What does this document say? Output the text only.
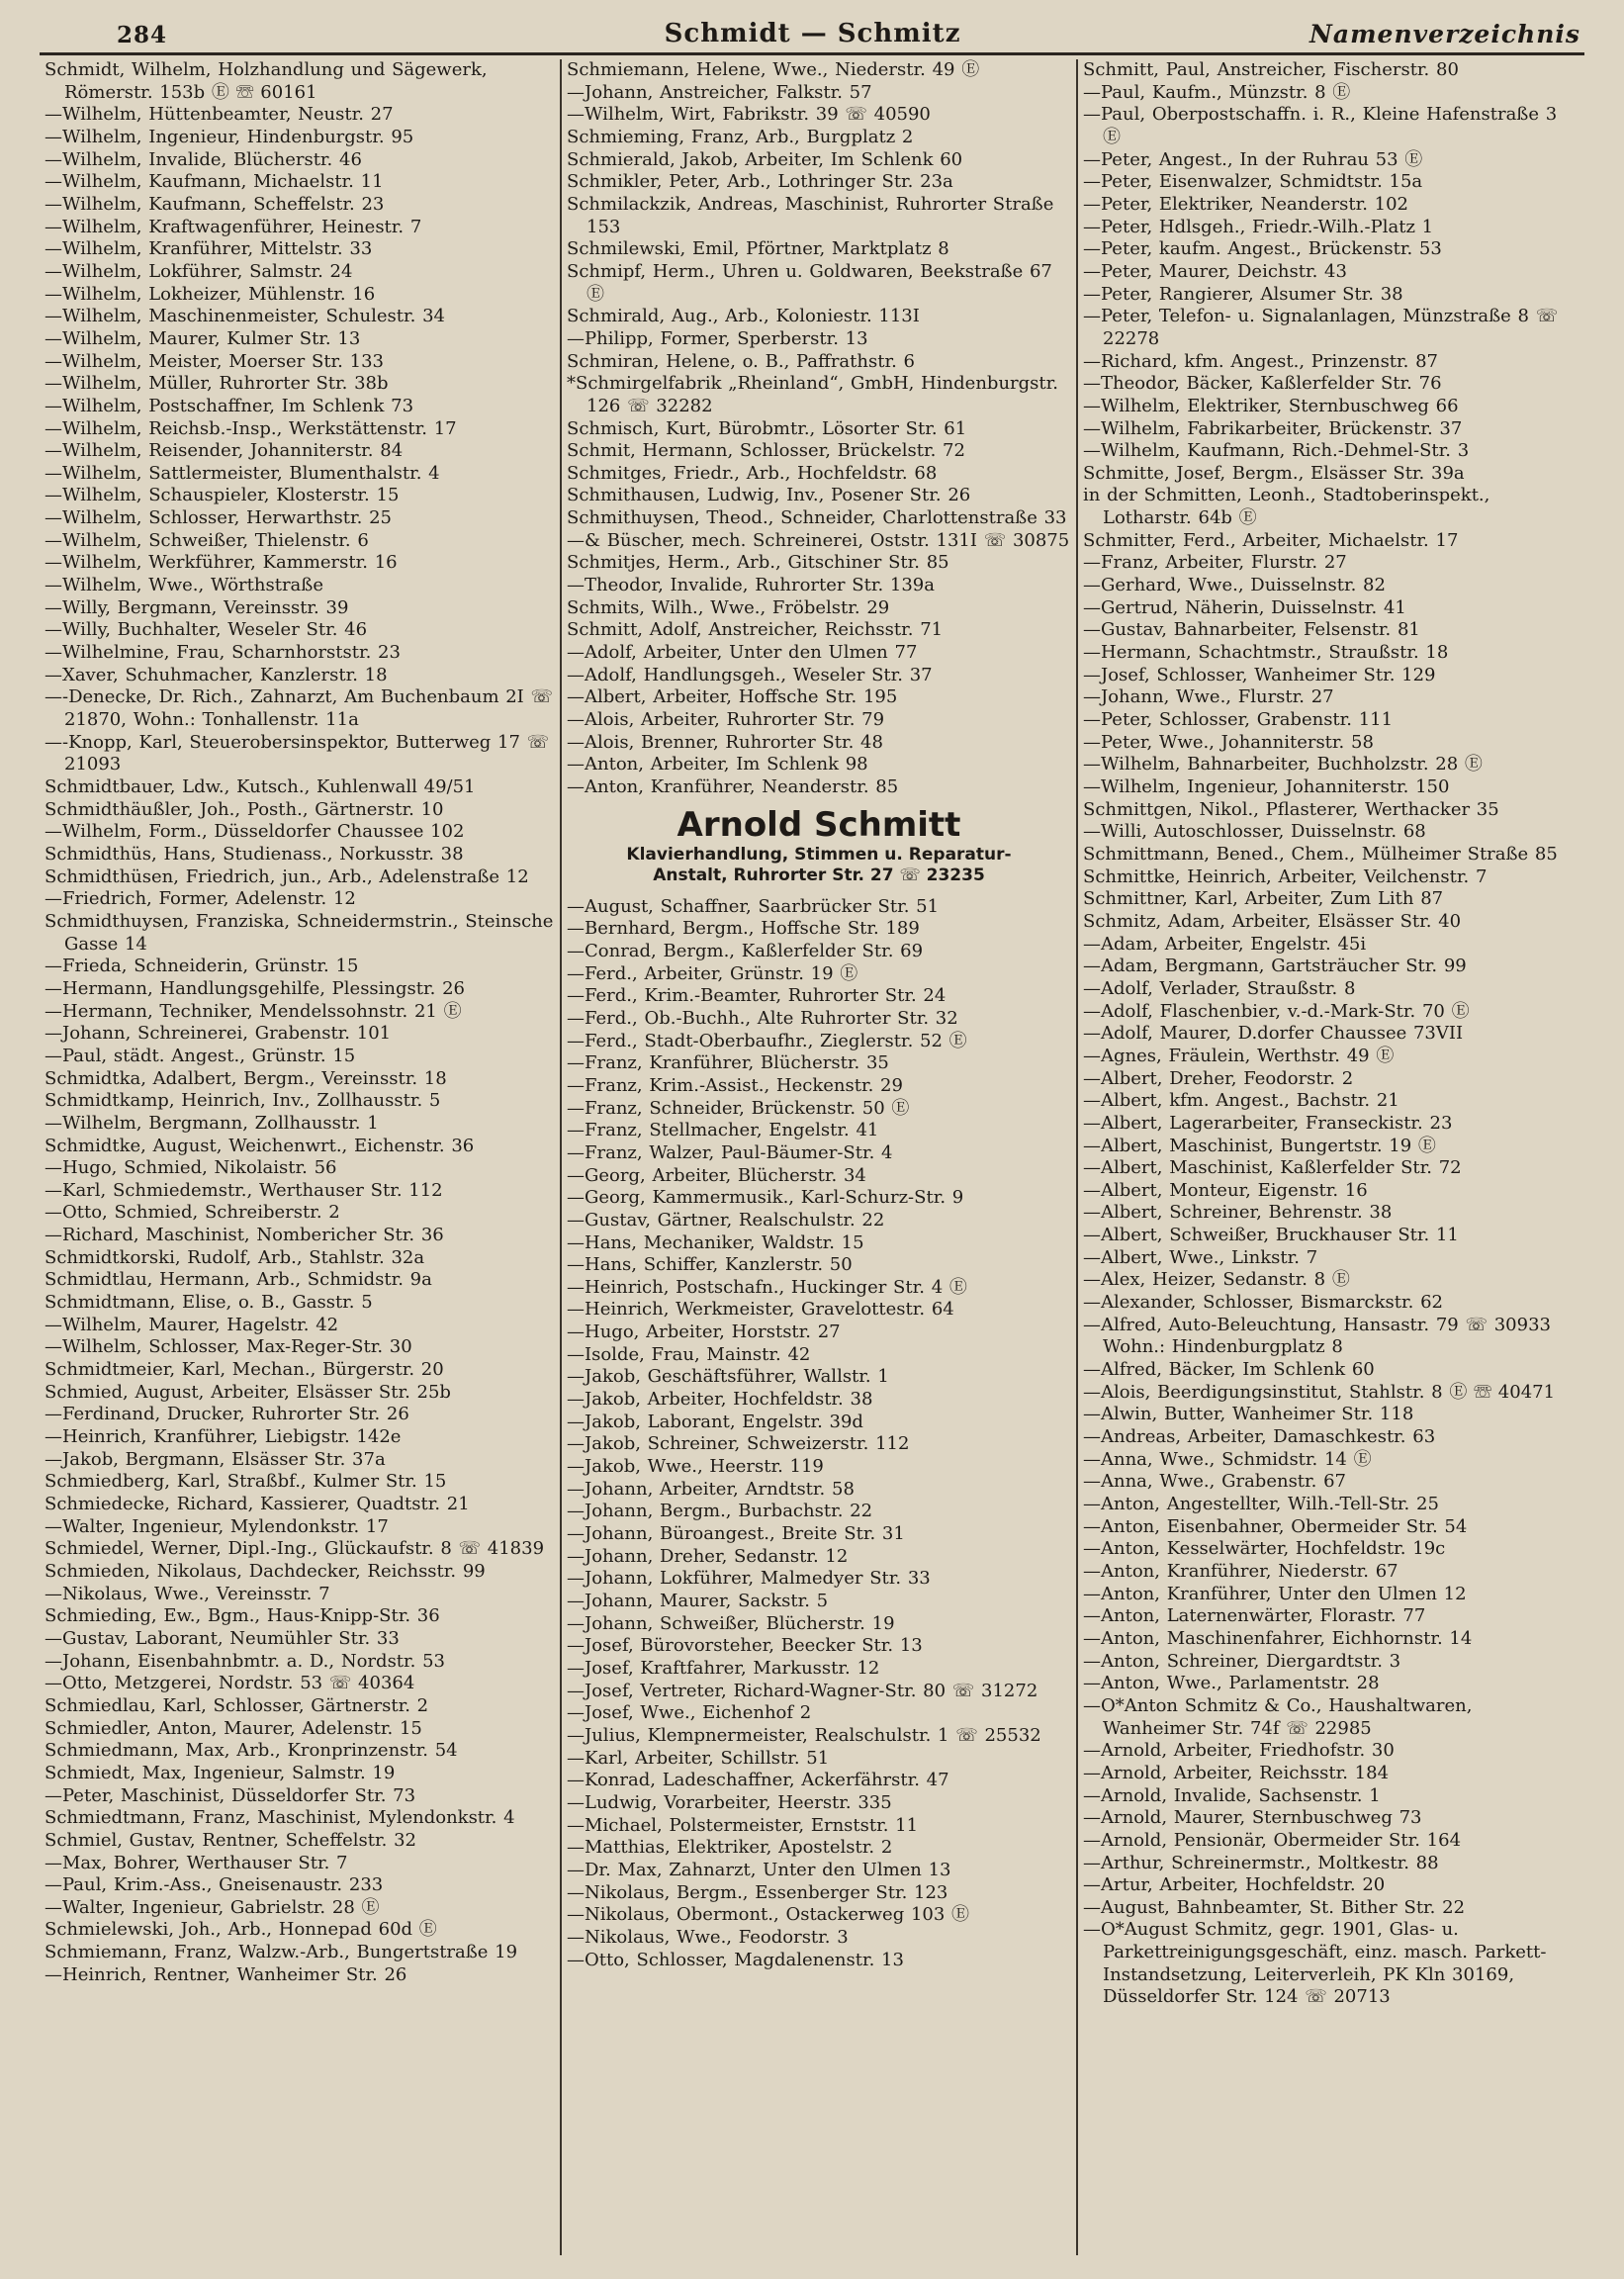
284	Schmidt — Schmitz	Namenverzeichnis
Schmidt, Wilhelm, Holzhandlung und Sägewerk, Römerstr. 153b Ⓔ ☏ 60161
—Wilhelm, Hüttenbeamter, Neustr. 27
—Wilhelm, Ingenieur, Hindenburgstr. 95
—Wilhelm, Invalide, Blücherstr. 46
—Wilhelm, Kaufmann, Michaelstr. 11
—Wilhelm, Kaufmann, Scheffelstr. 23
—Wilhelm, Kraftwagenführer, Heinestr. 7
—Wilhelm, Kranführer, Mittelstr. 33
—Wilhelm, Lokführer, Salmstr. 24
—Wilhelm, Lokheizer, Mühlenstr. 16
—Wilhelm, Maschinenmeister, Schulestr. 34
—Wilhelm, Maurer, Kulmer Str. 13
—Wilhelm, Meister, Moerser Str. 133
—Wilhelm, Müller, Ruhrorter Str. 38b
—Wilhelm, Postschaffner, Im Schlenk 73
—Wilhelm, Reichsb.-Insp., Werkstättenstr. 17
—Wilhelm, Reisender, Johanniterstr. 84
—Wilhelm, Sattlermeister, Blumenthalstr. 4
—Wilhelm, Schauspieler, Klosterstr. 15
—Wilhelm, Schlosser, Herwarthstr. 25
—Wilhelm, Schweißer, Thielenstr. 6
—Wilhelm, Werkführer, Kammerstr. 16
—Wilhelm, Wwe., Wörthstraße
—Willy, Bergmann, Vereinsstr. 39
—Willy, Buchhalter, Weseler Str. 46
—Wilhelmine, Frau, Scharnhorststr. 23
—Xaver, Schuhmacher, Kanzlerstr. 18
—-Denecke, Dr. Rich., Zahnarzt, Am Buchenbaum 2I ☏ 21870, Wohn.: Tonhallenstr. 11a
—-Knopp, Karl, Steuerobersinspektor, Butterweg 17 ☏ 21093
Schmidtbauer, Ldw., Kutsch., Kuhlenwall 49/51
Schmidthäußler, Joh., Posth., Gärtnerstr. 10
—Wilhelm, Form., Düsseldorfer Chaussee 102
Schmidthüs, Hans, Studienass., Norkusstr. 38
Schmidthüsen, Friedrich, jun., Arb., Adelenstraße 12
—Friedrich, Former, Adelenstr. 12
Schmidthuysen, Franziska, Schneidermstrin., Steinsche Gasse 14
—Frieda, Schneiderin, Grünstr. 15
—Hermann, Handlungsgehilfe, Plessingstr. 26
—Hermann, Techniker, Mendelssohnstr. 21 Ⓔ
—Johann, Schreinerei, Grabenstr. 101
—Paul, städt. Angest., Grünstr. 15
Schmidtka, Adalbert, Bergm., Vereinsstr. 18
Schmidtkamp, Heinrich, Inv., Zollhausstr. 5
—Wilhelm, Bergmann, Zollhausstr. 1
Schmidtke, August, Weichenwrt., Eichenstr. 36
—Hugo, Schmied, Nikolaistr. 56
—Karl, Schmiedemstr., Werthauser Str. 112
—Otto, Schmied, Schreiberstr. 2
—Richard, Maschinist, Nombericher Str. 36
Schmidtkorski, Rudolf, Arb., Stahlstr. 32a
Schmidtlau, Hermann, Arb., Schmidstr. 9a
Schmidtmann, Elise, o. B., Gasstr. 5
—Wilhelm, Maurer, Hagelstr. 42
—Wilhelm, Schlosser, Max-Reger-Str. 30
Schmidtmeier, Karl, Mechan., Bürgerstr. 20
Schmied, August, Arbeiter, Elsässer Str. 25b
—Ferdinand, Drucker, Ruhrorter Str. 26
—Heinrich, Kranführer, Liebigstr. 142e
—Jakob, Bergmann, Elsässer Str. 37a
Schmiedberg, Karl, Straßbf., Kulmer Str. 15
Schmiedecke, Richard, Kassierer, Quadtstr. 21
—Walter, Ingenieur, Mylendonkstr. 17
Schmiedel, Werner, Dipl.-Ing., Glückaufstr. 8 ☏ 41839
Schmieden, Nikolaus, Dachdecker, Reichsstr. 99
—Nikolaus, Wwe., Vereinsstr. 7
Schmieding, Ew., Bgm., Haus-Knipp-Str. 36
—Gustav, Laborant, Neumühler Str. 33
—Johann, Eisenbahnbmtr. a. D., Nordstr. 53
—Otto, Metzgerei, Nordstr. 53 ☏ 40364
Schmiedlau, Karl, Schlosser, Gärtnerstr. 2
Schmiedler, Anton, Maurer, Adelenstr. 15
Schmiedmann, Max, Arb., Kronprinzenstr. 54
Schmiedt, Max, Ingenieur, Salmstr. 19
—Peter, Maschinist, Düsseldorfer Str. 73
Schmiedtmann, Franz, Maschinist, Mylendonkstr. 4
Schmiel, Gustav, Rentner, Scheffelstr. 32
—Max, Bohrer, Werthauser Str. 7
—Paul, Krim.-Ass., Gneisenaustr. 233
—Walter, Ingenieur, Gabrielstr. 28 Ⓔ
Schmielewski, Joh., Arb., Honnepad 60d Ⓔ
Schmiemann, Franz, Walzw.-Arb., Bungertstraße 19
—Heinrich, Rentner, Wanheimer Str. 26
Schmiemann, Helene, Wwe., Niederstr. 49 Ⓔ
—Johann, Anstreicher, Falkstr. 57
—Wilhelm, Wirt, Fabrikstr. 39 ☏ 40590
Schmieming, Franz, Arb., Burgplatz 2
Schmierald, Jakob, Arbeiter, Im Schlenk 60
Schmikler, Peter, Arb., Lothringer Str. 23a
Schmilackzik, Andreas, Maschinist, Ruhrorter Straße 153
Schmilewski, Emil, Pförtner, Marktplatz 8
Schmipf, Herm., Uhren u. Goldwaren, Beekstraße 67 Ⓔ
Schmirald, Aug., Arb., Koloniestr. 113I
—Philipp, Former, Sperberstr. 13
Schmiran, Helene, o. B., Paffrathstr. 6
*Schmirgelfabrik „Rheinland“, GmbH, Hindenburgstr. 126 ☏ 32282
Schmisch, Kurt, Bürobmtr., Lösorter Str. 61
Schmit, Hermann, Schlosser, Brückelstr. 72
Schmitges, Friedr., Arb., Hochfeldstr. 68
Schmithausen, Ludwig, Inv., Posener Str. 26
Schmithuysen, Theod., Schneider, Charlottenstraße 33
—& Büscher, mech. Schreinerei, Oststr. 131I ☏ 30875
Schmitjes, Herm., Arb., Gitschiner Str. 85
—Theodor, Invalide, Ruhrorter Str. 139a
Schmits, Wilh., Wwe., Fröbelstr. 29
Schmitt, Adolf, Anstreicher, Reichsstr. 71
—Adolf, Arbeiter, Unter den Ulmen 77
—Adolf, Handlungsgeh., Weseler Str. 37
—Albert, Arbeiter, Hoffsche Str. 195
—Alois, Arbeiter, Ruhrorter Str. 79
—Alois, Brenner, Ruhrorter Str. 48
—Anton, Arbeiter, Im Schlenk 98
—Anton, Kranführer, Neanderstr. 85
Arnold Schmitt
Klavierhandlung, Stimmen u. Reparatur-
Anstalt, Ruhrorter Str. 27 ☏ 23235
—August, Schaffner, Saarbrücker Str. 51
—Bernhard, Bergm., Hoffsche Str. 189
—Conrad, Bergm., Kaßlerfelder Str. 69
—Ferd., Arbeiter, Grünstr. 19 Ⓔ
—Ferd., Krim.-Beamter, Ruhrorter Str. 24
—Ferd., Ob.-Buchh., Alte Ruhrorter Str. 32
—Ferd., Stadt-Oberbaufhr., Zieglerstr. 52 Ⓔ
—Franz, Kranführer, Blücherstr. 35
—Franz, Krim.-Assist., Heckenstr. 29
—Franz, Schneider, Brückenstr. 50 Ⓔ
—Franz, Stellmacher, Engelstr. 41
—Franz, Walzer, Paul-Bäumer-Str. 4
—Georg, Arbeiter, Blücherstr. 34
—Georg, Kammermusik., Karl-Schurz-Str. 9
—Gustav, Gärtner, Realschulstr. 22
—Hans, Mechaniker, Waldstr. 15
—Hans, Schiffer, Kanzlerstr. 50
—Heinrich, Postschafn., Huckinger Str. 4 Ⓔ
—Heinrich, Werkmeister, Gravelottestr. 64
—Hugo, Arbeiter, Horststr. 27
—Isolde, Frau, Mainstr. 42
—Jakob, Geschäftsführer, Wallstr. 1
—Jakob, Arbeiter, Hochfeldstr. 38
—Jakob, Laborant, Engelstr. 39d
—Jakob, Schreiner, Schweizerstr. 112
—Jakob, Wwe., Heerstr. 119
—Johann, Arbeiter, Arndtstr. 58
—Johann, Bergm., Burbachstr. 22
—Johann, Büroangest., Breite Str. 31
—Johann, Dreher, Sedanstr. 12
—Johann, Lokführer, Malmedyer Str. 33
—Johann, Maurer, Sackstr. 5
—Johann, Schweißer, Blücherstr. 19
—Josef, Bürovorsteher, Beecker Str. 13
—Josef, Kraftfahrer, Markusstr. 12
—Josef, Vertreter, Richard-Wagner-Str. 80 ☏ 31272
—Josef, Wwe., Eichenhof 2
—Julius, Klempnermeister, Realschulstr. 1 ☏ 25532
—Karl, Arbeiter, Schillstr. 51
—Konrad, Ladeschaffner, Ackerfährstr. 47
—Ludwig, Vorarbeiter, Heerstr. 335
—Michael, Polstermeister, Ernststr. 11
—Matthias, Elektriker, Apostelstr. 2
—Dr. Max, Zahnarzt, Unter den Ulmen 13
—Nikolaus, Bergm., Essenberger Str. 123
—Nikolaus, Obermont., Ostackerweg 103 Ⓔ
—Nikolaus, Wwe., Feodorstr. 3
—Otto, Schlosser, Magdalenenstr. 13
Schmitt, Paul, Anstreicher, Fischerstr. 80
—Paul, Kaufm., Münzstr. 8 Ⓔ
—Paul, Oberpostschaffn. i. R., Kleine Hafenstraße 3 Ⓔ
—Peter, Angest., In der Ruhrau 53 Ⓔ
—Peter, Eisenwalzer, Schmidtstr. 15a
—Peter, Elektriker, Neanderstr. 102
—Peter, Hdlsgeh., Friedr.-Wilh.-Platz 1
—Peter, kaufm. Angest., Brückenstr. 53
—Peter, Maurer, Deichstr. 43
—Peter, Rangierer, Alsumer Str. 38
—Peter, Telefon- u. Signalanlagen, Münzstraße 8 ☏ 22278
—Richard, kfm. Angest., Prinzenstr. 87
—Theodor, Bäcker, Kaßlerfelder Str. 76
—Wilhelm, Elektriker, Sternbuschweg 66
—Wilhelm, Fabrikarbeiter, Brückenstr. 37
—Wilhelm, Kaufmann, Rich.-Dehmel-Str. 3
Schmitte, Josef, Bergm., Elsässer Str. 39a
in der Schmitten, Leonh., Stadtoberinspekt., Lotharstr. 64b Ⓔ
Schmitter, Ferd., Arbeiter, Michaelstr. 17
—Franz, Arbeiter, Flurstr. 27
—Gerhard, Wwe., Duisselnstr. 82
—Gertrud, Näherin, Duisselnstr. 41
—Gustav, Bahnarbeiter, Felsenstr. 81
—Hermann, Schachtmstr., Straußstr. 18
—Josef, Schlosser, Wanheimer Str. 129
—Johann, Wwe., Flurstr. 27
—Peter, Schlosser, Grabenstr. 111
—Peter, Wwe., Johanniterstr. 58
—Wilhelm, Bahnarbeiter, Buchholzstr. 28 Ⓔ
—Wilhelm, Ingenieur, Johanniterstr. 150
Schmittgen, Nikol., Pflasterer, Werthacker 35
—Willi, Autoschlosser, Duisselnstr. 68
Schmittmann, Bened., Chem., Mülheimer Straße 85
Schmittke, Heinrich, Arbeiter, Veilchenstr. 7
Schmittner, Karl, Arbeiter, Zum Lith 87
Schmitz, Adam, Arbeiter, Elsässer Str. 40
—Adam, Arbeiter, Engelstr. 45i
—Adam, Bergmann, Gartsträucher Str. 99
—Adolf, Verlader, Straußstr. 8
—Adolf, Flaschenbier, v.-d.-Mark-Str. 70 Ⓔ
—Adolf, Maurer, D.dorfer Chaussee 73VII
—Agnes, Fräulein, Werthstr. 49 Ⓔ
—Albert, Dreher, Feodorstr. 2
—Albert, kfm. Angest., Bachstr. 21
—Albert, Lagerarbeiter, Franseckistr. 23
—Albert, Maschinist, Bungertstr. 19 Ⓔ
—Albert, Maschinist, Kaßlerfelder Str. 72
—Albert, Monteur, Eigenstr. 16
—Albert, Schreiner, Behrenstr. 38
—Albert, Schweißer, Bruckhauser Str. 11
—Albert, Wwe., Linkstr. 7
—Alex, Heizer, Sedanstr. 8 Ⓔ
—Alexander, Schlosser, Bismarckstr. 62
—Alfred, Auto-Beleuchtung, Hansastr. 79 ☏ 30933 Wohn.: Hindenburgplatz 8
—Alfred, Bäcker, Im Schlenk 60
—Alois, Beerdigungsinstitut, Stahlstr. 8 Ⓔ ☏ 40471
—Alwin, Butter, Wanheimer Str. 118
—Andreas, Arbeiter, Damaschkestr. 63
—Anna, Wwe., Schmidstr. 14 Ⓔ
—Anna, Wwe., Grabenstr. 67
—Anton, Angestellter, Wilh.-Tell-Str. 25
—Anton, Eisenbahner, Obermeider Str. 54
—Anton, Kesselwärter, Hochfeldstr. 19c
—Anton, Kranführer, Niederstr. 67
—Anton, Kranführer, Unter den Ulmen 12
—Anton, Laternenwärter, Florastr. 77
—Anton, Maschinenfahrer, Eichhornstr. 14
—Anton, Schreiner, Diergardtstr. 3
—Anton, Wwe., Parlamentstr. 28
—O*Anton Schmitz & Co., Haushaltwaren, Wanheimer Str. 74f ☏ 22985
—Arnold, Arbeiter, Friedhofstr. 30
—Arnold, Arbeiter, Reichsstr. 184
—Arnold, Invalide, Sachsenstr. 1
—Arnold, Maurer, Sternbuschweg 73
—Arnold, Pensionär, Obermeider Str. 164
—Arthur, Schreinermstr., Moltkestr. 88
—Artur, Arbeiter, Hochfeldstr. 20
—August, Bahnbeamter, St. Bither Str. 22
—O*August Schmitz, gegr. 1901, Glas- u. Parkettreinigungsgeschäft, einz. masch. Parkett-Instandsetzung, Leiterverleih, PK Kln 30169, Düsseldorfer Str. 124 ☏ 20713
